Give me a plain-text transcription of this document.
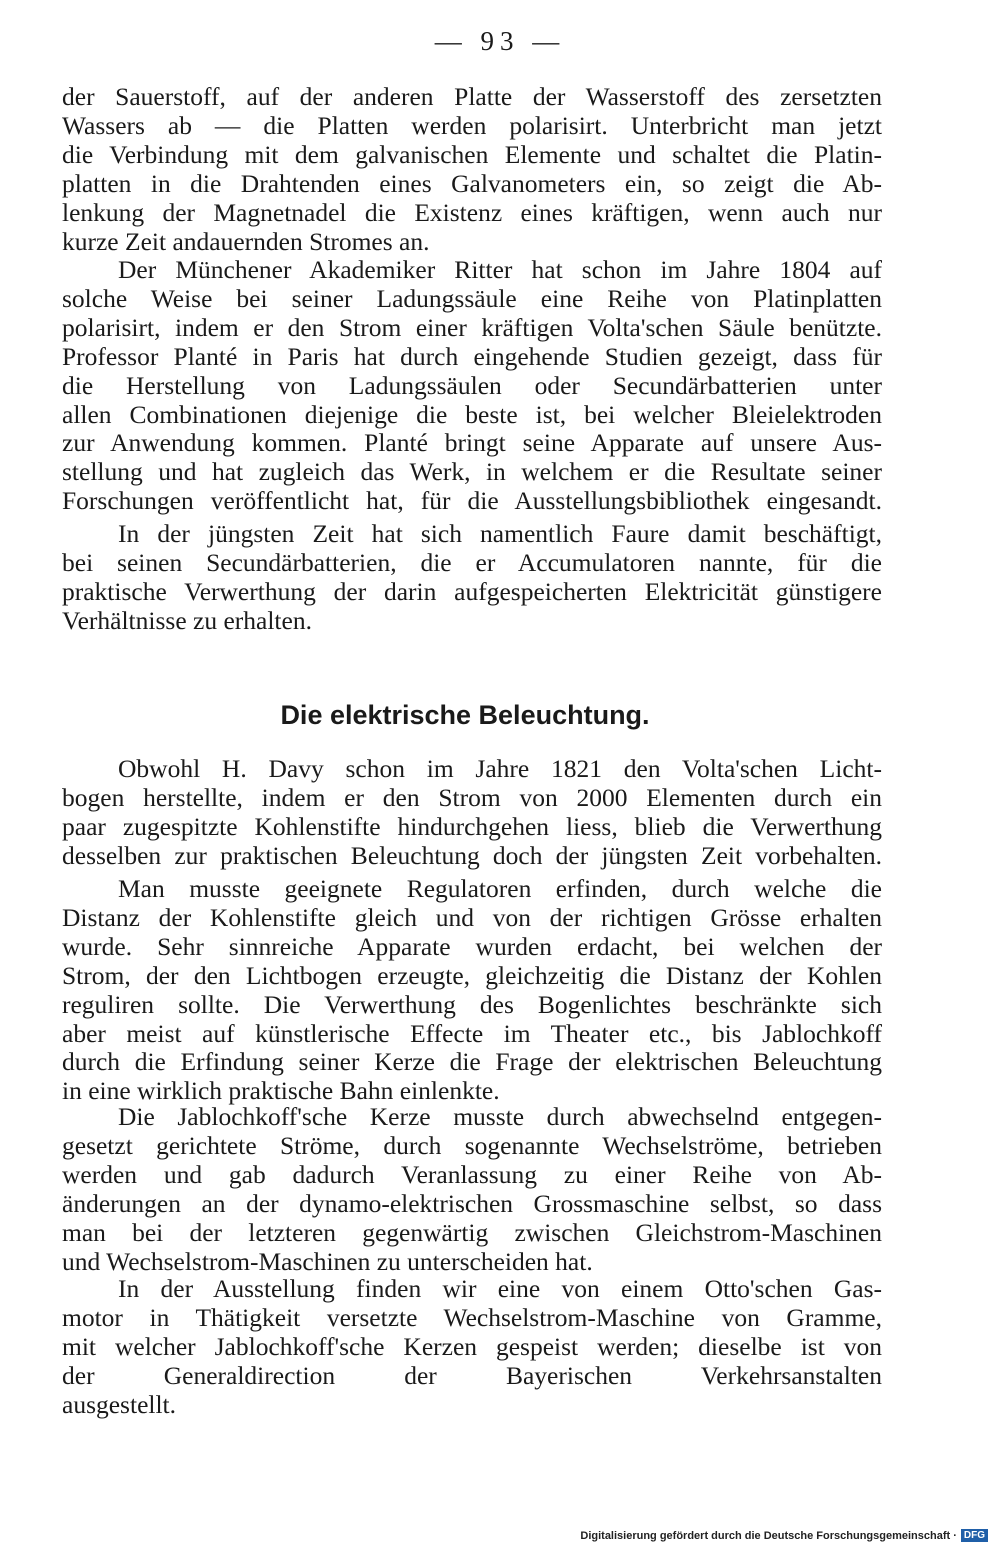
— 93 —
der Sauerstoff, auf der anderen Platte der Wasserstoff des zersetzten
Wassers ab — die Platten werden polarisirt. Unterbricht man jetzt
die Verbindung mit dem galvanischen Elemente und schaltet die Platin-
platten in die Drahtenden eines Galvanometers ein, so zeigt die Ab-
lenkung der Magnetnadel die Existenz eines kräftigen, wenn auch nur
kurze Zeit andauernden Stromes an.
Der Münchener Akademiker Ritter hat schon im Jahre 1804 auf
solche Weise bei seiner Ladungssäule eine Reihe von Platinplatten
polarisirt, indem er den Strom einer kräftigen Volta'schen Säule benützte.
Professor Planté in Paris hat durch eingehende Studien gezeigt, dass für
die Herstellung von Ladungssäulen oder Secundärbatterien unter
allen Combinationen diejenige die beste ist, bei welcher Bleielektroden
zur Anwendung kommen. Planté bringt seine Apparate auf unsere Aus-
stellung und hat zugleich das Werk, in welchem er die Resultate seiner
Forschungen veröffentlicht hat, für die Ausstellungsbibliothek eingesandt.
In der jüngsten Zeit hat sich namentlich Faure damit beschäftigt,
bei seinen Secundärbatterien, die er Accumulatoren nannte, für die
praktische Verwerthung der darin aufgespeicherten Elektricität günstigere
Verhältnisse zu erhalten.
Die elektrische Beleuchtung.
Obwohl H. Davy schon im Jahre 1821 den Volta'schen Licht-
bogen herstellte, indem er den Strom von 2000 Elementen durch ein
paar zugespitzte Kohlenstifte hindurchgehen liess, blieb die Verwerthung
desselben zur praktischen Beleuchtung doch der jüngsten Zeit vorbehalten.
Man musste geeignete Regulatoren erfinden, durch welche die
Distanz der Kohlenstifte gleich und von der richtigen Grösse erhalten
wurde. Sehr sinnreiche Apparate wurden erdacht, bei welchen der
Strom, der den Lichtbogen erzeugte, gleichzeitig die Distanz der Kohlen
reguliren sollte. Die Verwerthung des Bogenlichtes beschränkte sich
aber meist auf künstlerische Effecte im Theater etc., bis Jablochkoff
durch die Erfindung seiner Kerze die Frage der elektrischen Beleuchtung
in eine wirklich praktische Bahn einlenkte.
Die Jablochkoff'sche Kerze musste durch abwechselnd entgegen-
gesetzt gerichtete Ströme, durch sogenannte Wechselströme, betrieben
werden und gab dadurch Veranlassung zu einer Reihe von Ab-
änderungen an der dynamo-elektrischen Grossmaschine selbst, so dass
man bei der letzteren gegenwärtig zwischen Gleichstrom-Maschinen
und Wechselstrom-Maschinen zu unterscheiden hat.
In der Ausstellung finden wir eine von einem Otto'schen Gas-
motor in Thätigkeit versetzte Wechselstrom-Maschine von Gramme,
mit welcher Jablochkoff'sche Kerzen gespeist werden; dieselbe ist von
der Generaldirection der Bayerischen Verkehrsanstalten
ausgestellt.
Digitalisierung gefördert durch die Deutsche Forschungsgemeinschaft · DFG
